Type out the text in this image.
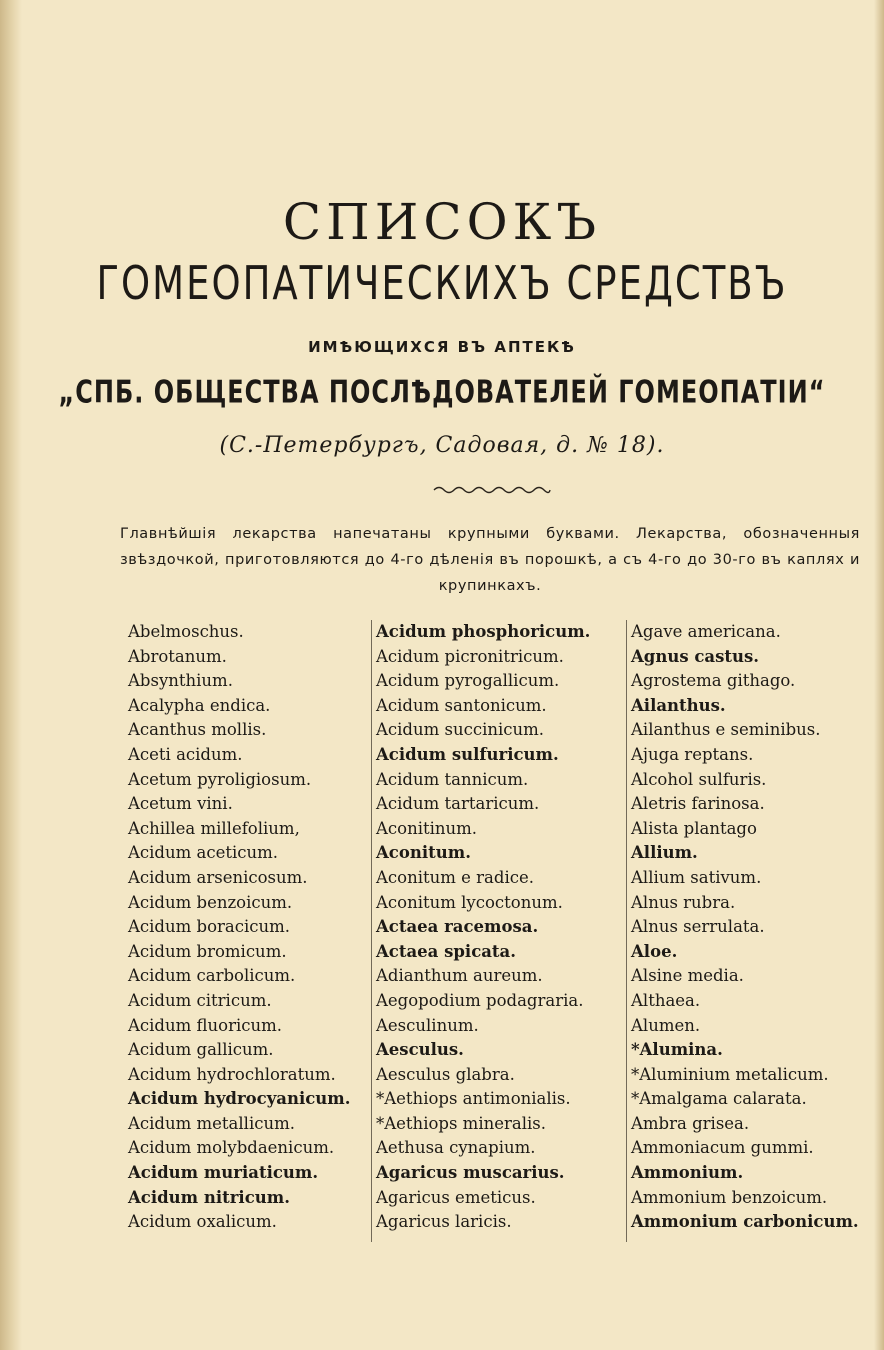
СПИСОКЪ
ГОМЕОПАТИЧЕСКИХЪ СРЕДСТВЪ
ИМѢЮЩИХСЯ ВЪ АПТЕКѢ
„СПБ. ОБЩЕСТВА ПОСЛѢДОВАТЕЛЕЙ ГОМЕОПАТІИ“
(С.-Петербургъ, Садовая, д. № 18).
Главнѣйшія лекарства напечатаны крупными буквами. Лекарства, обозначенныя звѣздочкой, приготовляются до 4-го дѣленія въ порошкѣ, а съ 4-го до 30-го въ каплях и крупинкахъ.
Abelmoschus.
Abrotanum.
Absynthium.
Acalypha endica.
Acanthus mollis.
Aceti acidum.
Acetum pyroligiosum.
Acetum vini.
Achillea millefolium,
Acidum aceticum.
Acidum arsenicosum.
Acidum benzoicum.
Acidum boracicum.
Acidum bromicum.
Acidum carbolicum.
Acidum citricum.
Acidum fluoricum.
Acidum gallicum.
Acidum hydrochloratum.
Acidum hydrocyanicum.
Acidum metallicum.
Acidum molybdaenicum.
Acidum muriaticum.
Acidum nitricum.
Acidum oxalicum.
Acidum phosphoricum.
Acidum picronitricum.
Acidum pyrogallicum.
Acidum santonicum.
Acidum succinicum.
Acidum sulfuricum.
Acidum tannicum.
Acidum tartaricum.
Aconitinum.
Aconitum.
Aconitum e radice.
Aconitum lycoctonum.
Actaea racemosa.
Actaea spicata.
Adianthum aureum.
Aegopodium podagraria.
Aesculinum.
Aesculus.
Aesculus glabra.
*Aethiops antimonialis.
*Aethiops mineralis.
Aethusa cynapium.
Agaricus muscarius.
Agaricus emeticus.
Agaricus laricis.
Agave americana.
Agnus castus.
Agrostema githago.
Ailanthus.
Ailanthus e seminibus.
Ajuga reptans.
Alcohol sulfuris.
Aletris farinosa.
Alista plantago
Allium.
Allium sativum.
Alnus rubra.
Alnus serrulata.
Aloe.
Alsine media.
Althaea.
Alumen.
*Alumina.
*Aluminium metalicum.
*Amalgama calarata.
Ambra grisea.
Ammoniacum gummi.
Ammonium.
Ammonium benzoicum.
Ammonium carbonicum.
